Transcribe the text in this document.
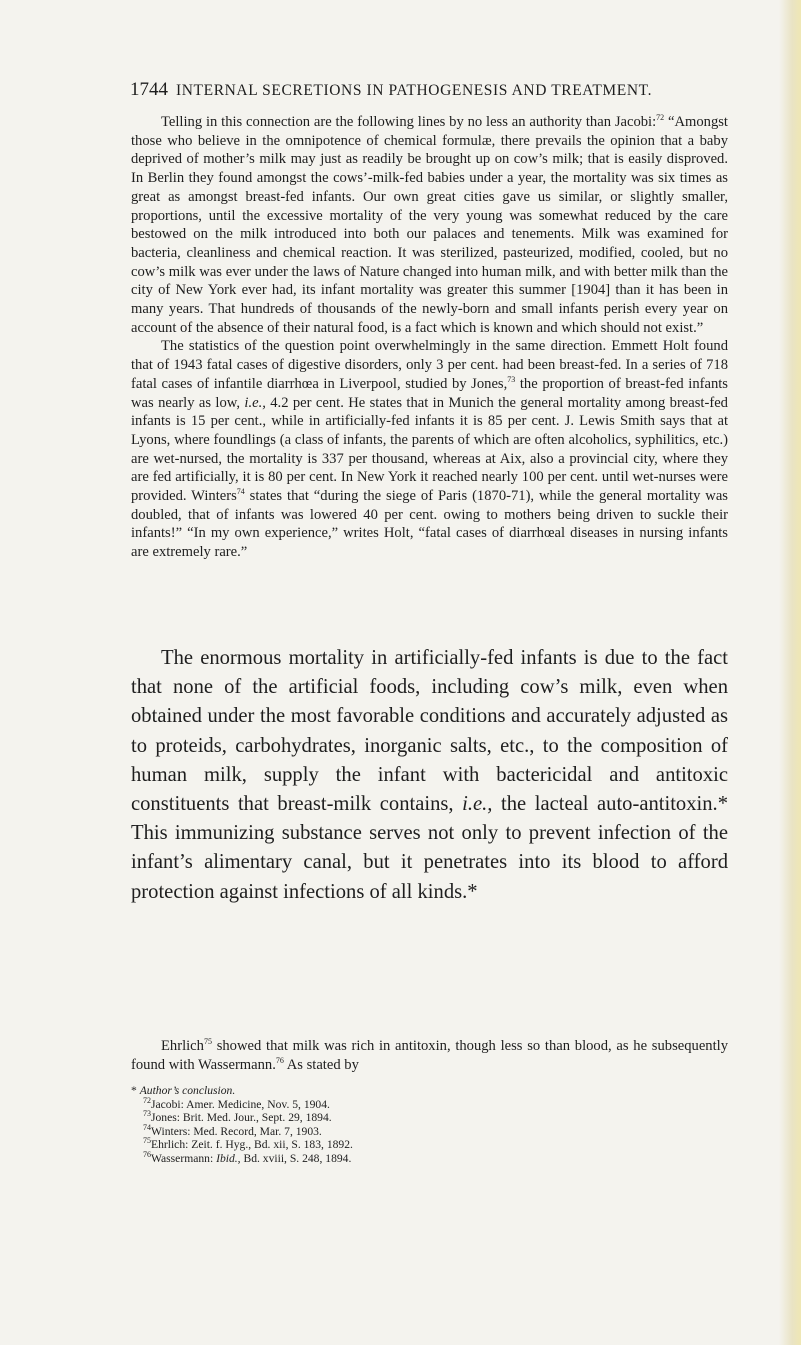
1744 INTERNAL SECRETIONS IN PATHOGENESIS AND TREATMENT.

Telling in this connection are the following lines by no less an authority than Jacobi:$^{72}$ “Amongst those who believe in the omnipotence of chemical formulæ, there prevails the opinion that a baby deprived of mother’s milk may just as readily be brought up on cow’s milk; that is easily disproved. In Berlin they found amongst the cows’-milk-fed babies under a year, the mortality was six times as great as amongst breast-fed infants. Our own great cities gave us similar, or slightly smaller, proportions, until the excessive mortality of the very young was somewhat reduced by the care bestowed on the milk introduced into both our palaces and tenements. Milk was examined for bacteria, cleanliness and chemical reaction. It was sterilized, pasteurized, modified, cooled, but no cow’s milk was ever under the laws of Nature changed into human milk, and with better milk than the city of New York ever had, its infant mortality was greater this summer [1904] than it has been in many years. That hundreds of thousands of the newly-born and small infants perish every year on account of the absence of their natural food, is a fact which is known and which should not exist.”

The statistics of the question point overwhelmingly in the same direction. Emmett Holt found that of 1943 fatal cases of digestive disorders, only 3 per cent. had been breast-fed. In a series of 718 fatal cases of infantile diarrhœa in Liverpool, studied by Jones,$^{73}$ the proportion of breast-fed infants was nearly as low, i.e., 4.2 per cent. He states that in Munich the general mortality among breast-fed infants is 15 per cent., while in artificially-fed infants it is 85 per cent. J. Lewis Smith says that at Lyons, where foundlings (a class of infants, the parents of which are often alcoholics, syphilitics, etc.) are wet-nursed, the mortality is 337 per thousand, whereas at Aix, also a provincial city, where they are fed artificially, it is 80 per cent. In New York it reached nearly 100 per cent. until wet-nurses were provided. Winters$^{74}$ states that “during the siege of Paris (1870-71), while the general mortality was doubled, that of infants was lowered 40 per cent. owing to mothers being driven to suckle their infants!” “In my own experience,” writes Holt, “fatal cases of diarrhœal diseases in nursing infants are extremely rare.”

The enormous mortality in artificially-fed infants is due to the fact that none of the artificial foods, including cow’s milk, even when obtained under the most favorable conditions and accurately adjusted as to proteids, carbohydrates, inorganic salts, etc., to the composition of human milk, supply the infant with bactericidal and antitoxic constituents that breast-milk contains, i.e., the lacteal auto-antitoxin.* This immunizing substance serves not only to prevent infection of the infant’s alimentary canal, but it penetrates into its blood to afford protection against infections of all kinds.*

Ehrlich$^{75}$ showed that milk was rich in antitoxin, though less so than blood, as he subsequently found with Wassermann.$^{76}$ As stated by

* Author’s conclusion.
$^{72}$Jacobi: Amer. Medicine, Nov. 5, 1904.
$^{73}$Jones: Brit. Med. Jour., Sept. 29, 1894.
$^{74}$Winters: Med. Record, Mar. 7, 1903.
$^{75}$Ehrlich: Zeit. f. Hyg., Bd. xii, S. 183, 1892.
$^{76}$Wassermann: Ibid., Bd. xviii, S. 248, 1894.
